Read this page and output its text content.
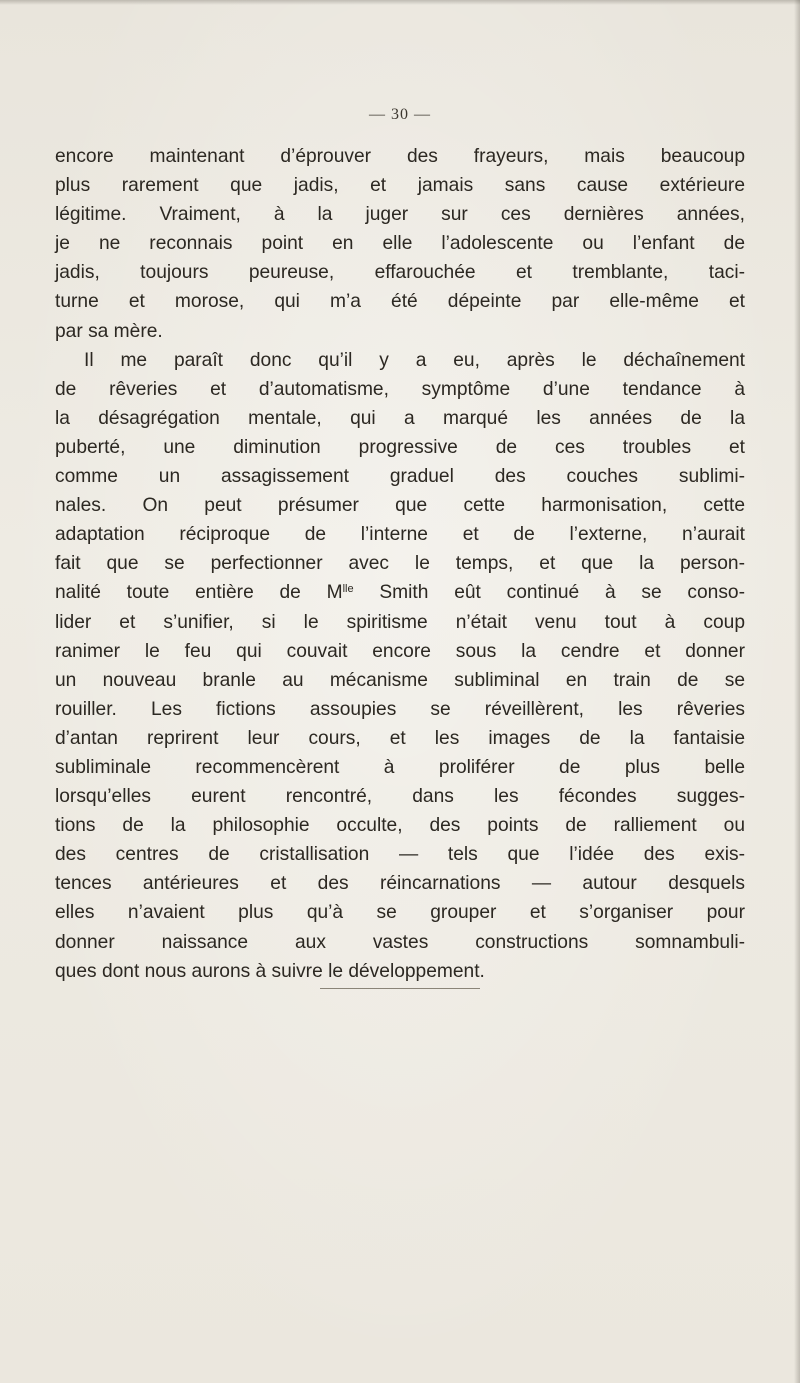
— 30 —
encore maintenant d’éprouver des frayeurs, mais beaucoup
plus rarement que jadis, et jamais sans cause extérieure
légitime. Vraiment, à la juger sur ces dernières années,
je ne reconnais point en elle l’adolescente ou l’enfant de
jadis, toujours peureuse, effarouchée et tremblante, taci-
turne et morose, qui m’a été dépeinte par elle-même et
par sa mère.
Il me paraît donc qu’il y a eu, après le déchaînement
de rêveries et d’automatisme, symptôme d’une tendance à
la désagrégation mentale, qui a marqué les années de la
puberté, une diminution progressive de ces troubles et
comme un assagissement graduel des couches sublimi-
nales. On peut présumer que cette harmonisation, cette
adaptation réciproque de l’interne et de l’externe, n’aurait
fait que se perfectionner avec le temps, et que la person-
nalité toute entière de $M^{lle}$ Smith eût continué à se conso-
lider et s’unifier, si le spiritisme n’était venu tout à coup
ranimer le feu qui couvait encore sous la cendre et donner
un nouveau branle au mécanisme subliminal en train de se
rouiller. Les fictions assoupies se réveillèrent, les rêveries
d’antan reprirent leur cours, et les images de la fantaisie
subliminale recommencèrent à proliférer de plus belle
lorsqu’elles eurent rencontré, dans les fécondes sugges-
tions de la philosophie occulte, des points de ralliement ou
des centres de cristallisation — tels que l’idée des exis-
tences antérieures et des réincarnations — autour desquels
elles n’avaient plus qu’à se grouper et s’organiser pour
donner naissance aux vastes constructions somnambuli-
ques dont nous aurons à suivre le développement.
